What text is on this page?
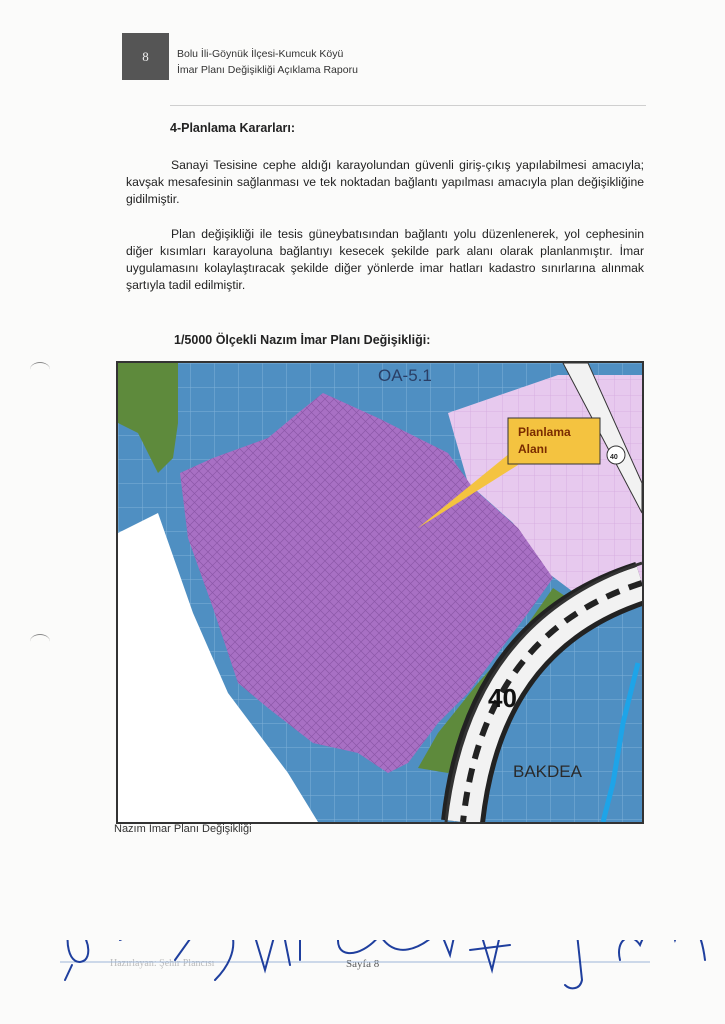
8	Bolu İli-Göynük İlçesi-Kumcuk Köyü
İmar Planı Değişikliği Açıklama Raporu
4-Planlama Kararları:
Sanayi Tesisine cephe aldığı karayolundan güvenli giriş-çıkış yapılabilmesi amacıyla; kavşak mesafesinin sağlanması ve tek noktadan bağlantı yapılması amacıyla plan değişikliğine gidilmiştir.
Plan değişikliği ile tesis güneybatısından bağlantı yolu düzenlenerek, yol cephesinin diğer kısımları karayoluna bağlantıyı kesecek şekilde park alanı olarak planlanmıştır. İmar uygulamasını kolaylaştıracak şekilde diğer yönlerde imar hatları kadastro sınırlarına alınmak şartıyla tadil edilmiştir.
1/5000 Ölçekli Nazım İmar Planı Değişikliği:
Planlama
Alanı
40
40
BAKDEA
OA-5.1
Nazım İmar Planı Değişikliği
Hazırlayan: Şehir Plancısı	Sayfa 8
